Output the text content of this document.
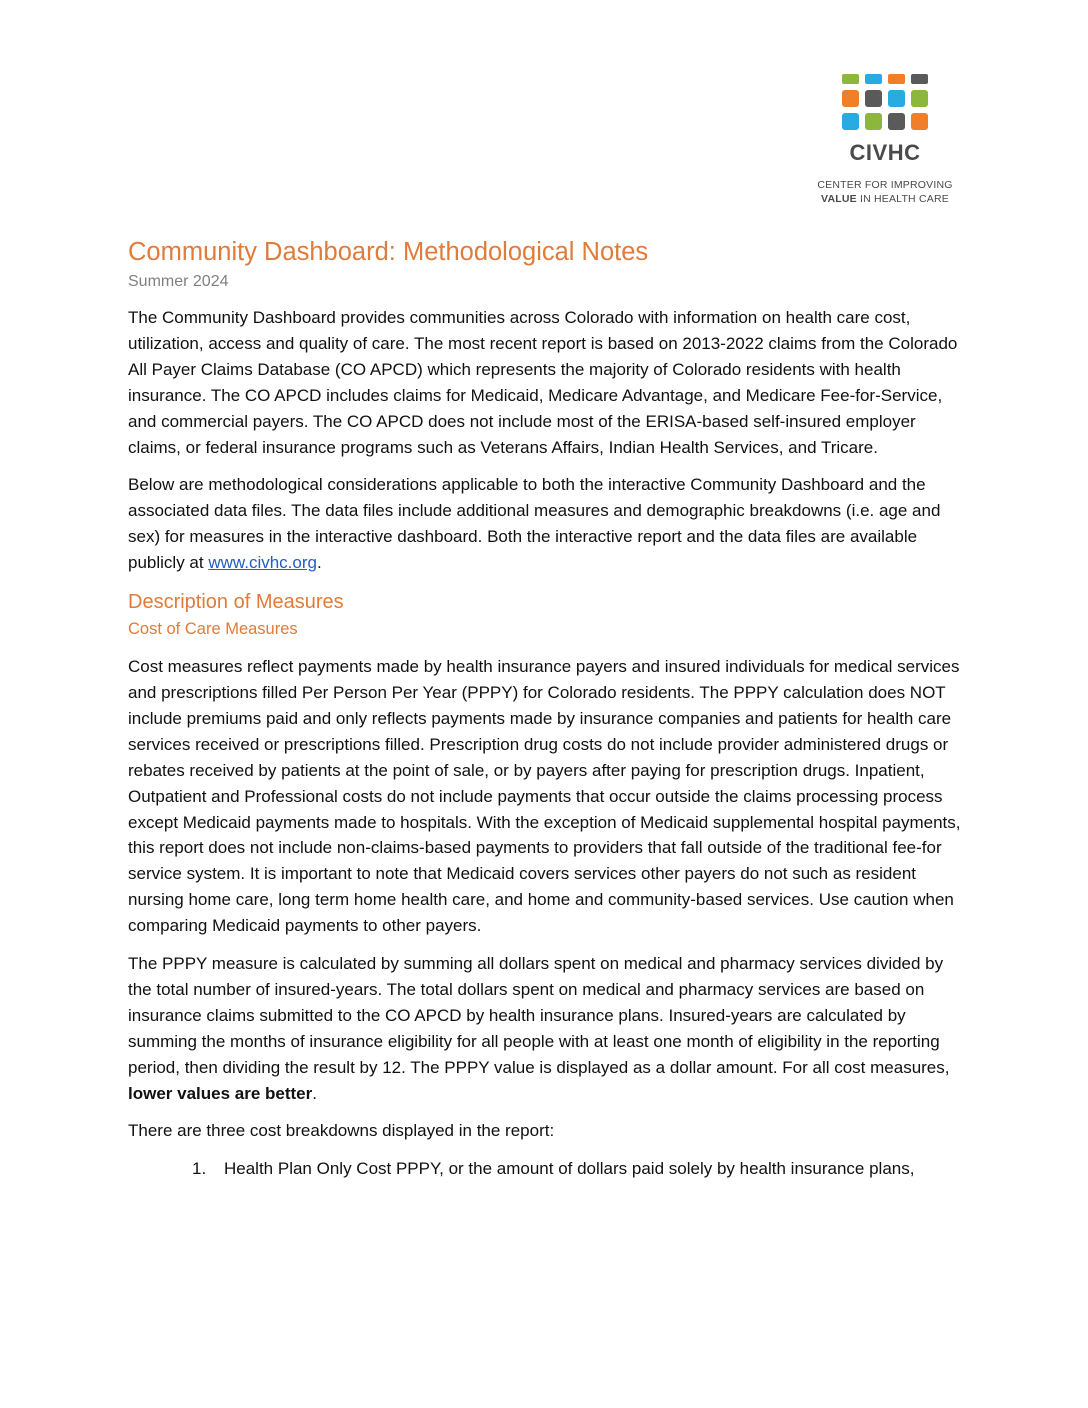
CIVHC
CENTER FOR IMPROVING
VALUE IN HEALTH CARE
Community Dashboard: Methodological Notes
Summer 2024

The Community Dashboard provides communities across Colorado with information on health care cost, utilization, access and quality of care. The most recent report is based on 2013-2022 claims from the Colorado All Payer Claims Database (CO APCD) which represents the majority of Colorado residents with health insurance. The CO APCD includes claims for Medicaid, Medicare Advantage, and Medicare Fee-for-Service, and commercial payers. The CO APCD does not include most of the ERISA-based self-insured employer claims, or federal insurance programs such as Veterans Affairs, Indian Health Services, and Tricare.

Below are methodological considerations applicable to both the interactive Community Dashboard and the associated data files. The data files include additional measures and demographic breakdowns (i.e. age and sex) for measures in the interactive dashboard. Both the interactive report and the data files are available publicly at www.civhc.org.

Description of Measures
Cost of Care Measures

Cost measures reflect payments made by health insurance payers and insured individuals for medical services and prescriptions filled Per Person Per Year (PPPY) for Colorado residents. The PPPY calculation does NOT include premiums paid and only reflects payments made by insurance companies and patients for health care services received or prescriptions filled. Prescription drug costs do not include provider administered drugs or rebates received by patients at the point of sale, or by payers after paying for prescription drugs. Inpatient, Outpatient and Professional costs do not include payments that occur outside the claims processing process except Medicaid payments made to hospitals. With the exception of Medicaid supplemental hospital payments, this report does not include non-claims-based payments to providers that fall outside of the traditional fee-for service system. It is important to note that Medicaid covers services other payers do not such as resident nursing home care, long term home health care, and home and community-based services. Use caution when comparing Medicaid payments to other payers.

The PPPY measure is calculated by summing all dollars spent on medical and pharmacy services divided by the total number of insured-years. The total dollars spent on medical and pharmacy services are based on insurance claims submitted to the CO APCD by health insurance plans. Insured-years are calculated by summing the months of insurance eligibility for all people with at least one month of eligibility in the reporting period, then dividing the result by 12. The PPPY value is displayed as a dollar amount. For all cost measures, lower values are better.

There are three cost breakdowns displayed in the report:

1. Health Plan Only Cost PPPY, or the amount of dollars paid solely by health insurance plans,
